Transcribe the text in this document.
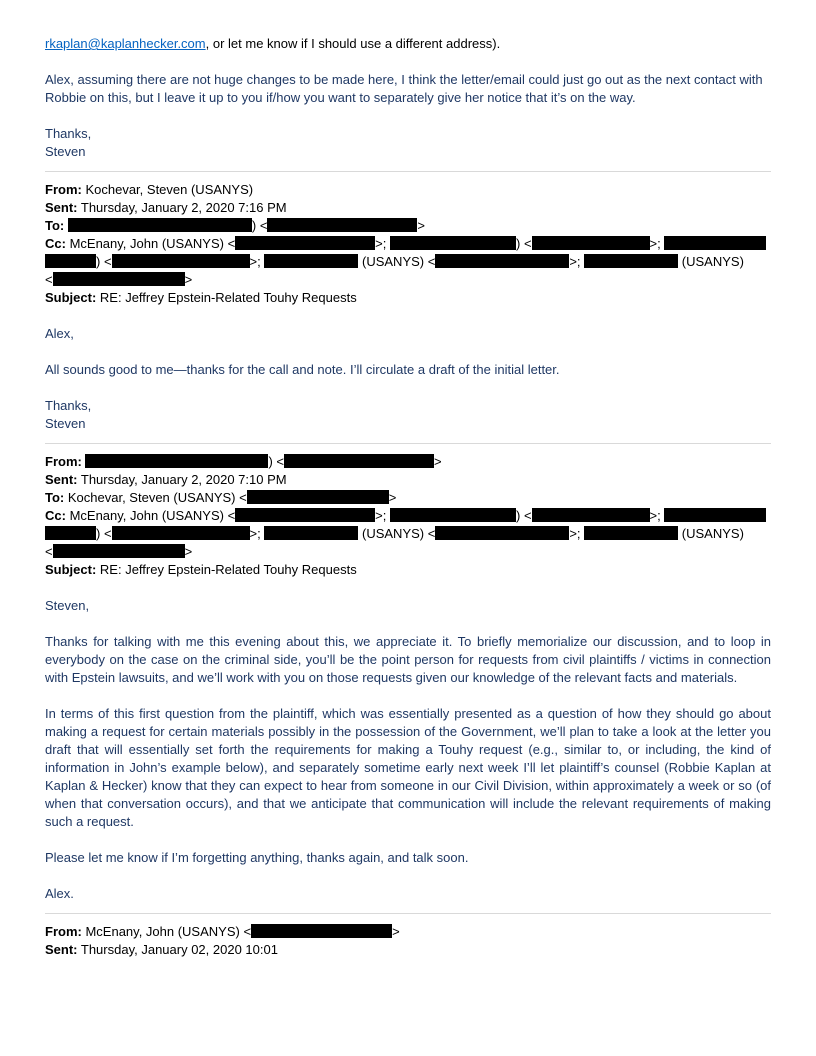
rkaplan@kaplanhecker.com, or let me know if I should use a different address).

Alex, assuming there are not huge changes to be made here, I think the letter/email could just go out as the next contact with Robbie on this, but I leave it up to you if/how you want to separately give her notice that it’s on the way.

Thanks,

Steven

From: Kochevar, Steven (USANYS)

Sent: Thursday, January 2, 2020 7:16 PM

To:	) <	>

Cc: McEnany, John (USANYS) <	>;	) <	>;

) <	>;	(USANYS) <	>;	(USANYS)

<	>

Subject: RE: Jeffrey Epstein-Related Touhy Requests

Alex,

All sounds good to me—thanks for the call and note. I’ll circulate a draft of the initial letter.

Thanks,

Steven

From:	) <	>

Sent: Thursday, January 2, 2020 7:10 PM

To: Kochevar, Steven (USANYS) <	>

Cc: McEnany, John (USANYS) <	>;	) <	>;

) <	>;	(USANYS) <	>;	(USANYS)

<	>

Subject: RE: Jeffrey Epstein-Related Touhy Requests

Steven,

Thanks for talking with me this evening about this, we appreciate it. To briefly memorialize our discussion, and to loop in everybody on the case on the criminal side, you’ll be the point person for requests from civil plaintiffs / victims in connection with Epstein lawsuits, and we’ll work with you on those requests given our knowledge of the relevant facts and materials.

In terms of this first question from the plaintiff, which was essentially presented as a question of how they should go about making a request for certain materials possibly in the possession of the Government, we’ll plan to take a look at the letter you draft that will essentially set forth the requirements for making a Touhy request (e.g., similar to, or including, the kind of information in John’s example below), and separately sometime early next week I’ll let plaintiff’s counsel (Robbie Kaplan at Kaplan & Hecker) know that they can expect to hear from someone in our Civil Division, within approximately a week or so (of when that conversation occurs), and that we anticipate that communication will include the relevant requirements of making such a request.

Please let me know if I’m forgetting anything, thanks again, and talk soon.

Alex.

From: McEnany, John (USANYS) <	>

Sent: Thursday, January 02, 2020 10:01
